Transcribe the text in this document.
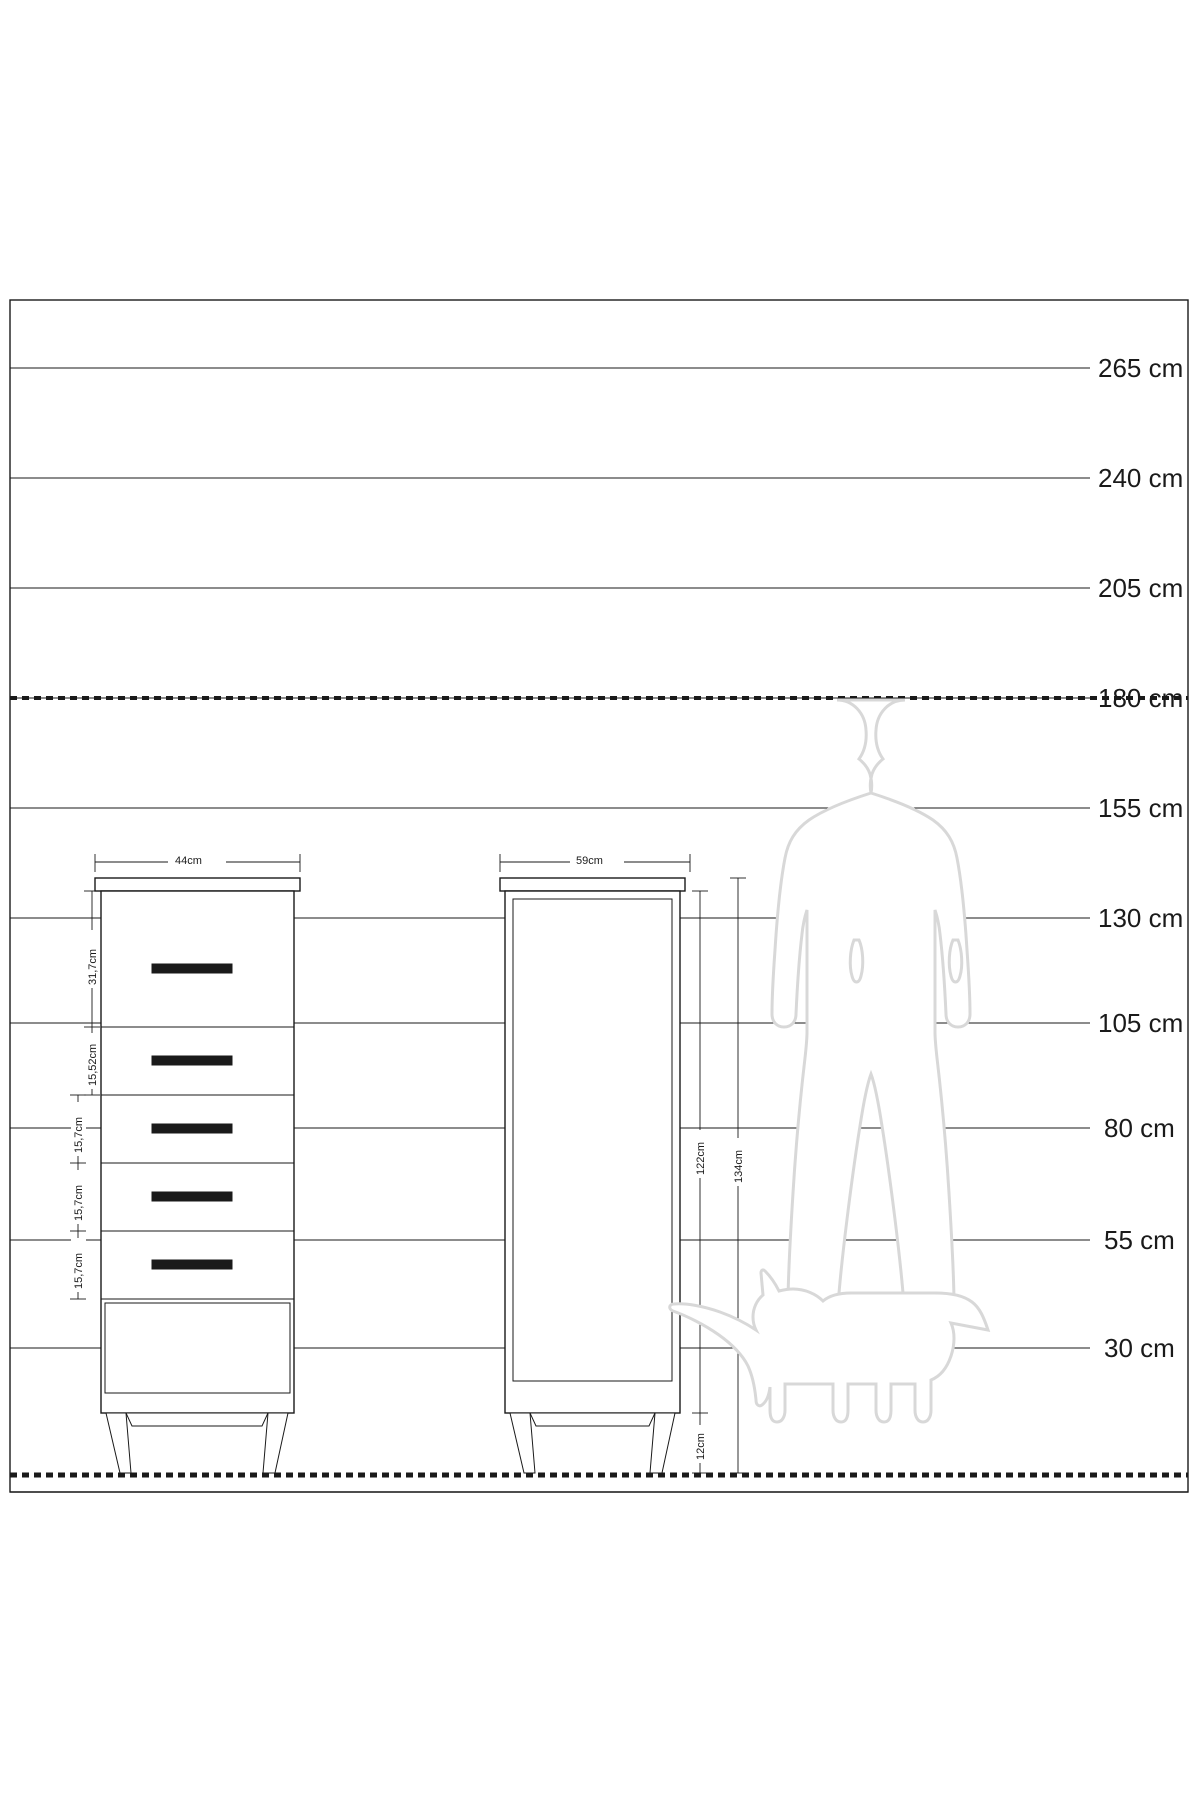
265 cm
240 cm
205 cm
180 cm
155 cm
130 cm
105 cm
80 cm
55 cm
30 cm
44cm
31,7cm
15,52cm
15,7cm
15,7cm
15,7cm
59cm
122cm
12cm
134cm
